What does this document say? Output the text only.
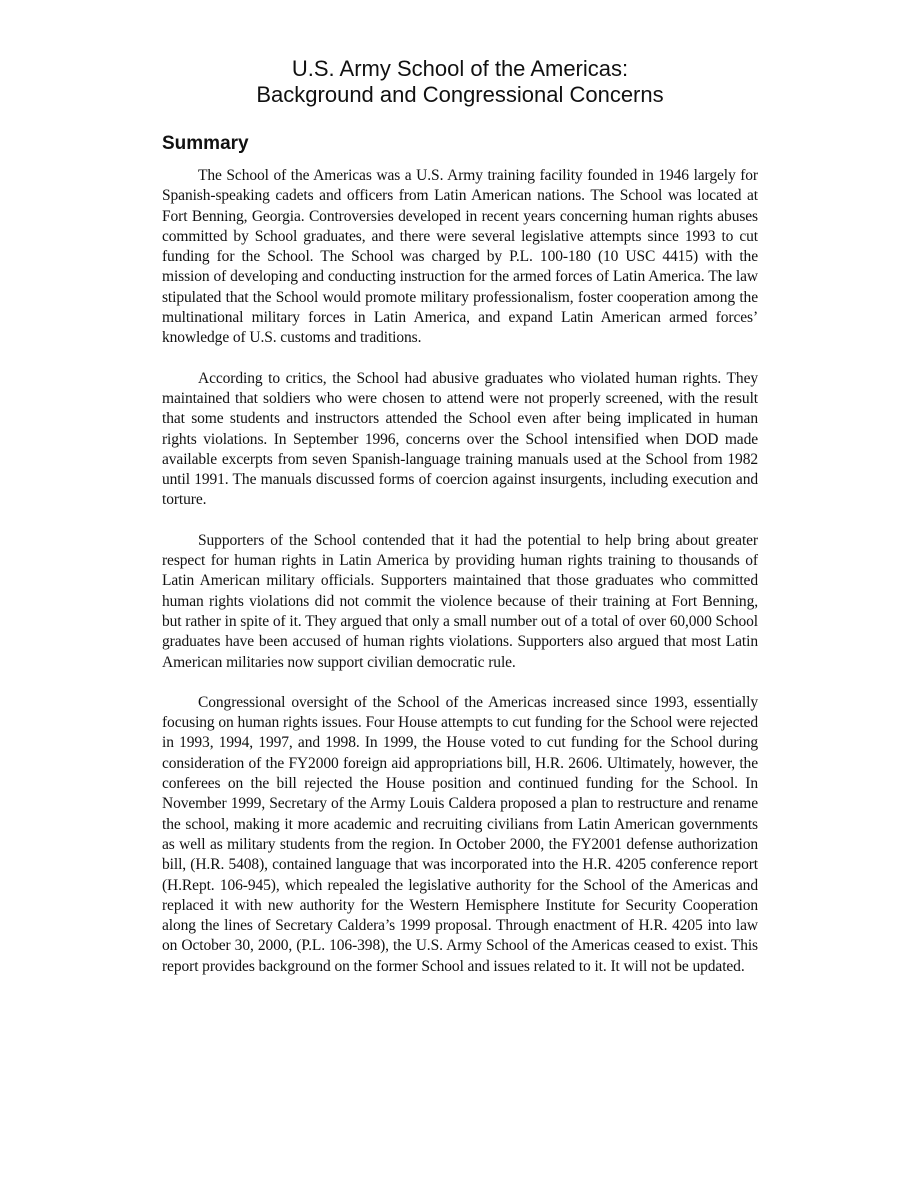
U.S. Army School of the Americas:
Background and Congressional Concerns
Summary

The School of the Americas was a U.S. Army training facility founded in 1946 largely for Spanish-speaking cadets and officers from Latin American nations. The School was located at Fort Benning, Georgia. Controversies developed in recent years concerning human rights abuses committed by School graduates, and there were several legislative attempts since 1993 to cut funding for the School. The School was charged by P.L. 100-180 (10 USC 4415) with the mission of developing and conducting instruction for the armed forces of Latin America. The law stipulated that the School would promote military professionalism, foster cooperation among the multinational military forces in Latin America, and expand Latin American armed forces’ knowledge of U.S. customs and traditions.

According to critics, the School had abusive graduates who violated human rights. They maintained that soldiers who were chosen to attend were not properly screened, with the result that some students and instructors attended the School even after being implicated in human rights violations. In September 1996, concerns over the School intensified when DOD made available excerpts from seven Spanish-language training manuals used at the School from 1982 until 1991. The manuals discussed forms of coercion against insurgents, including execution and torture.

Supporters of the School contended that it had the potential to help bring about greater respect for human rights in Latin America by providing human rights training to thousands of Latin American military officials. Supporters maintained that those graduates who committed human rights violations did not commit the violence because of their training at Fort Benning, but rather in spite of it. They argued that only a small number out of a total of over 60,000 School graduates have been accused of human rights violations. Supporters also argued that most Latin American militaries now support civilian democratic rule.

Congressional oversight of the School of the Americas increased since 1993, essentially focusing on human rights issues. Four House attempts to cut funding for the School were rejected in 1993, 1994, 1997, and 1998. In 1999, the House voted to cut funding for the School during consideration of the FY2000 foreign aid appropriations bill, H.R. 2606. Ultimately, however, the conferees on the bill rejected the House position and continued funding for the School. In November 1999, Secretary of the Army Louis Caldera proposed a plan to restructure and rename the school, making it more academic and recruiting civilians from Latin American governments as well as military students from the region. In October 2000, the FY2001 defense authorization bill, (H.R. 5408), contained language that was incorporated into the H.R. 4205 conference report (H.Rept. 106-945), which repealed the legislative authority for the School of the Americas and replaced it with new authority for the Western Hemisphere Institute for Security Cooperation along the lines of Secretary Caldera’s 1999 proposal. Through enactment of H.R. 4205 into law on October 30, 2000, (P.L. 106-398), the U.S. Army School of the Americas ceased to exist. This report provides background on the former School and issues related to it. It will not be updated.
